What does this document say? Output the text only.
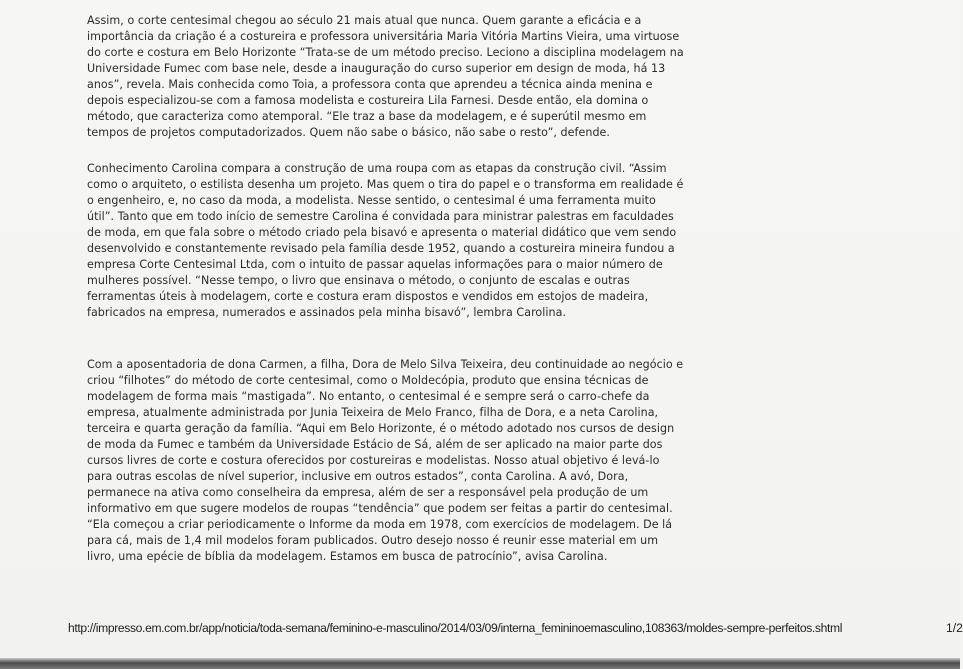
Assim, o corte centesimal chegou ao século 21 mais atual que nunca. Quem garante a eficácia e a
importância da criação é a costureira e professora universitária Maria Vitória Martins Vieira, uma virtuose
do corte e costura em Belo Horizonte “Trata-se de um método preciso. Leciono a disciplina modelagem na
Universidade Fumec com base nele, desde a inauguração do curso superior em design de moda, há 13
anos”, revela. Mais conhecida como Toia, a professora conta que aprendeu a técnica ainda menina e
depois especializou-se com a famosa modelista e costureira Lila Farnesi. Desde então, ela domina o
método, que caracteriza como atemporal. “Ele traz a base da modelagem, e é superútil mesmo em
tempos de projetos computadorizados. Quem não sabe o básico, não sabe o resto”, defende.

Conhecimento Carolina compara a construção de uma roupa com as etapas da construção civil. “Assim
como o arquiteto, o estilista desenha um projeto. Mas quem o tira do papel e o transforma em realidade é
o engenheiro, e, no caso da moda, a modelista. Nesse sentido, o centesimal é uma ferramenta muito
útil”. Tanto que em todo início de semestre Carolina é convidada para ministrar palestras em faculdades
de moda, em que fala sobre o método criado pela bisavó e apresenta o material didático que vem sendo
desenvolvido e constantemente revisado pela família desde 1952, quando a costureira mineira fundou a
empresa Corte Centesimal Ltda, com o intuito de passar aquelas informações para o maior número de
mulheres possível. “Nesse tempo, o livro que ensinava o método, o conjunto de escalas e outras
ferramentas úteis à modelagem, corte e costura eram dispostos e vendidos em estojos de madeira,
fabricados na empresa, numerados e assinados pela minha bisavó”, lembra Carolina.

Com a aposentadoria de dona Carmen, a filha, Dora de Melo Silva Teixeira, deu continuidade ao negócio e
criou “filhotes” do método de corte centesimal, como o Moldecópia, produto que ensina técnicas de
modelagem de forma mais “mastigada”. No entanto, o centesimal é e sempre será o carro-chefe da
empresa, atualmente administrada por Junia Teixeira de Melo Franco, filha de Dora, e a neta Carolina,
terceira e quarta geração da família. “Aqui em Belo Horizonte, é o método adotado nos cursos de design
de moda da Fumec e também da Universidade Estácio de Sá, além de ser aplicado na maior parte dos
cursos livres de corte e costura oferecidos por costureiras e modelistas. Nosso atual objetivo é levá-lo
para outras escolas de nível superior, inclusive em outros estados”, conta Carolina. A avó, Dora,
permanece na ativa como conselheira da empresa, além de ser a responsável pela produção de um
informativo em que sugere modelos de roupas “tendência” que podem ser feitas a partir do centesimal.
“Ela começou a criar periodicamente o Informe da moda em 1978, com exercícios de modelagem. De lá
para cá, mais de 1,4 mil modelos foram publicados. Outro desejo nosso é reunir esse material em um
livro, uma epécie de bíblia da modelagem. Estamos em busca de patrocínio”, avisa Carolina.

http://impresso.em.com.br/app/noticia/toda-semana/feminino-e-masculino/2014/03/09/interna_femininoemasculino,108363/moldes-sempre-perfeitos.shtml	1/2
